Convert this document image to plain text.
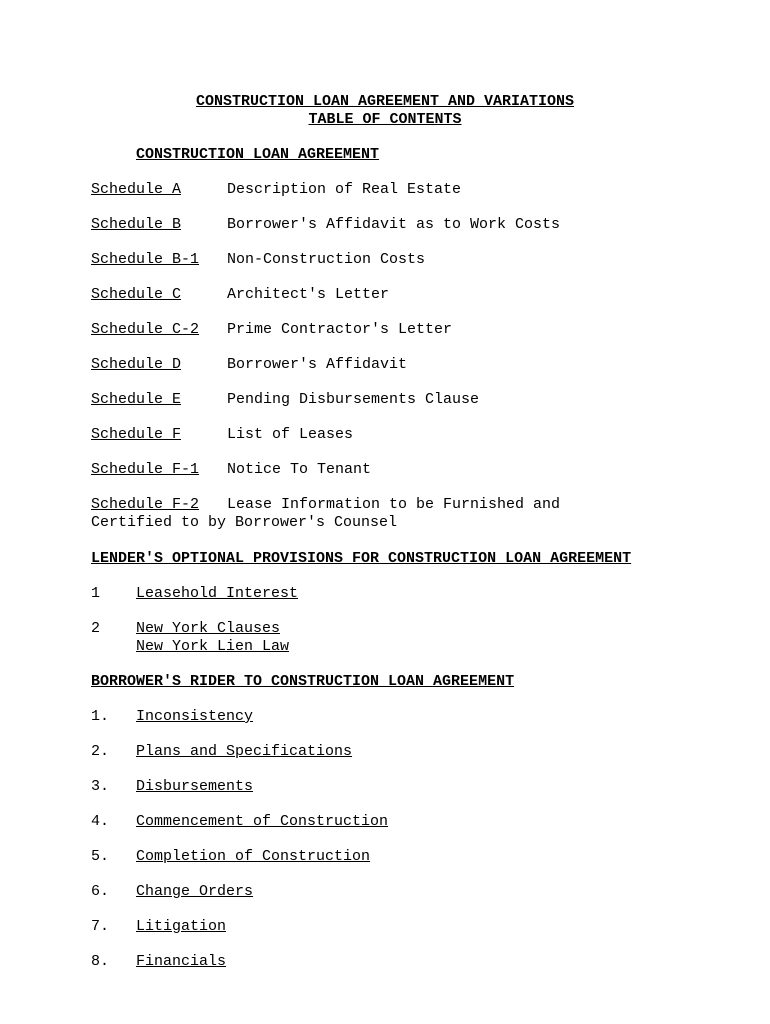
CONSTRUCTION LOAN AGREEMENT AND VARIATIONS
TABLE OF CONTENTS
CONSTRUCTION LOAN AGREEMENT
Schedule A	Description of Real Estate
Schedule B	Borrower's Affidavit as to Work Costs
Schedule B-1 Non-Construction Costs
Schedule C	Architect's Letter
Schedule C-2 Prime Contractor's Letter
Schedule D	Borrower's Affidavit
Schedule E	Pending Disbursements Clause
Schedule F	List of Leases
Schedule F-1 Notice To Tenant
Schedule F-2 Lease Information to be Furnished and
Certified to by Borrower's Counsel
LENDER'S OPTIONAL PROVISIONS FOR CONSTRUCTION LOAN AGREEMENT
1 Leasehold Interest
2 New York Clauses
New York Lien Law
BORROWER'S RIDER TO CONSTRUCTION LOAN AGREEMENT
1. Inconsistency
2. Plans and Specifications
3. Disbursements
4. Commencement of Construction
5. Completion of Construction
6. Change Orders
7. Litigation
8. Financials
